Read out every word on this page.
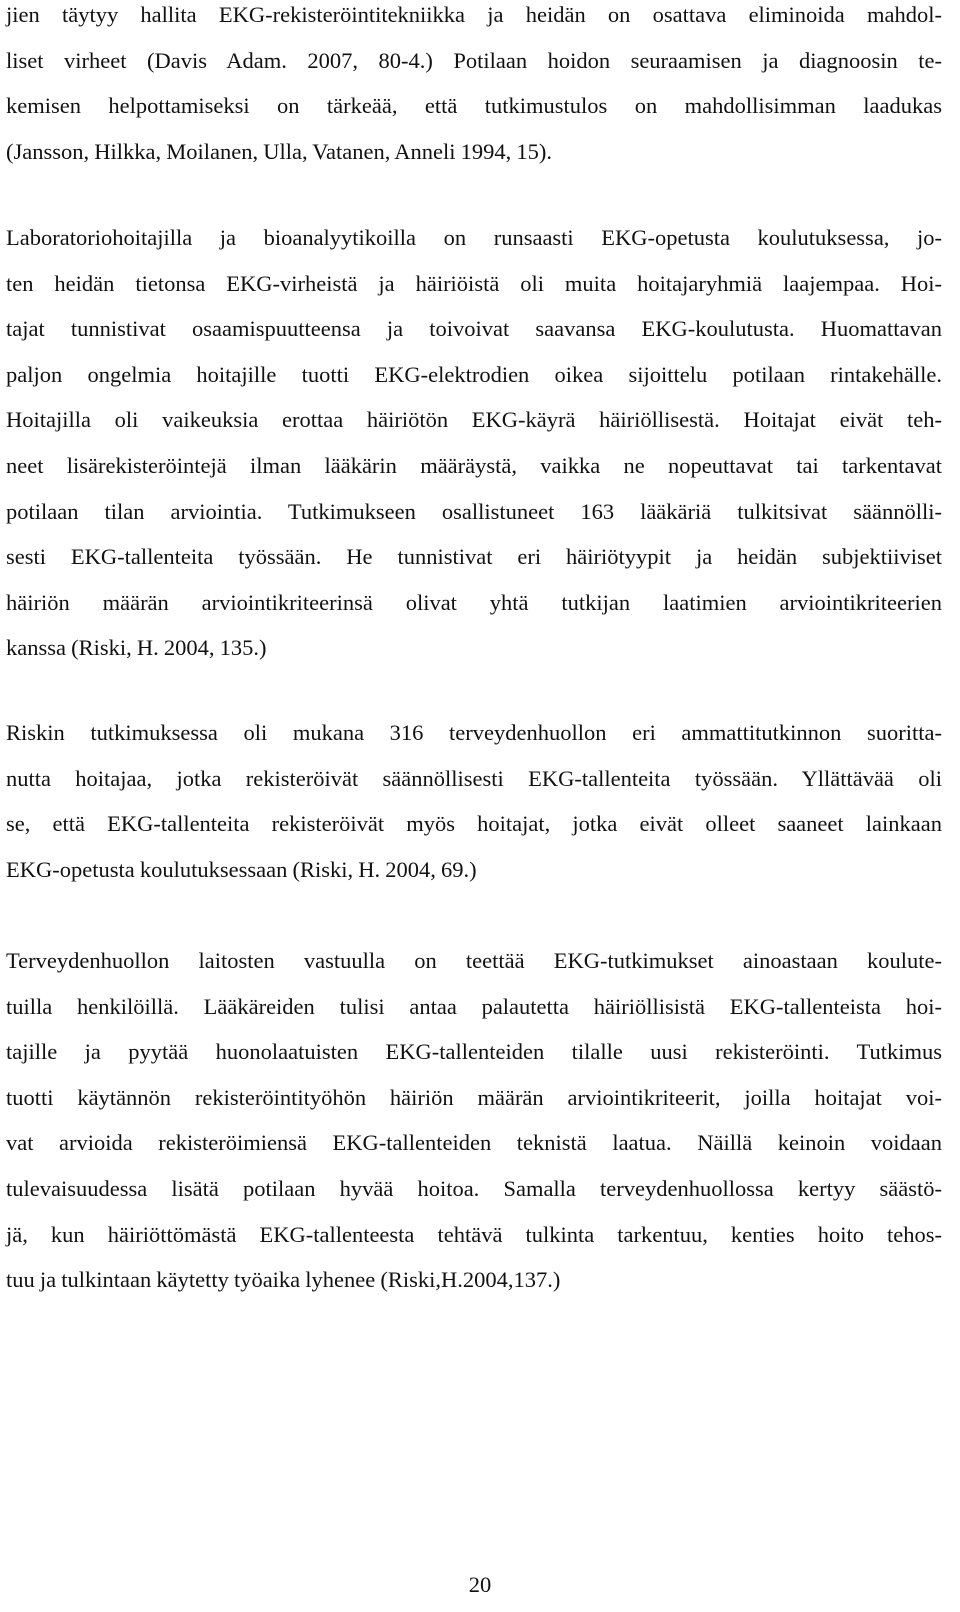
jien täytyy hallita EKG-rekisteröintitekniikka ja heidän on osattava eliminoida mahdol-
liset virheet (Davis Adam. 2007, 80-4.) Potilaan hoidon seuraamisen ja diagnoosin te-
kemisen helpottamiseksi on tärkeää, että tutkimustulos on mahdollisimman laadukas
(Jansson, Hilkka, Moilanen, Ulla, Vatanen, Anneli 1994, 15).
Laboratoriohoitajilla ja bioanalyytikoilla on runsaasti EKG-opetusta koulutuksessa, jo-
ten heidän tietonsa EKG-virheistä ja häiriöistä oli muita hoitajaryhmiä laajempaa. Hoi-
tajat tunnistivat osaamispuutteensa ja toivoivat saavansa EKG-koulutusta. Huomattavan
paljon ongelmia hoitajille tuotti EKG-elektrodien oikea sijoittelu potilaan rintakehälle.
Hoitajilla oli vaikeuksia erottaa häiriötön EKG-käyrä häiriöllisestä. Hoitajat eivät teh-
neet lisärekisteröintejä ilman lääkärin määräystä, vaikka ne nopeuttavat tai tarkentavat
potilaan tilan arviointia. Tutkimukseen osallistuneet 163 lääkäriä tulkitsivat säännölli-
sesti EKG-tallenteita työssään. He tunnistivat eri häiriötyypit ja heidän subjektiiviset
häiriön määrän arviointikriteerinsä olivat yhtä tutkijan laatimien arviointikriteerien
kanssa (Riski, H. 2004, 135.)
Riskin tutkimuksessa oli mukana 316 terveydenhuollon eri ammattitutkinnon suoritta-
nutta hoitajaa, jotka rekisteröivät säännöllisesti EKG-tallenteita työssään. Yllättävää oli
se, että EKG-tallenteita rekisteröivät myös hoitajat, jotka eivät olleet saaneet lainkaan
EKG-opetusta koulutuksessaan (Riski, H. 2004, 69.)
Terveydenhuollon laitosten vastuulla on teettää EKG-tutkimukset ainoastaan koulute-
tuilla henkilöillä. Lääkäreiden tulisi antaa palautetta häiriöllisistä EKG-tallenteista hoi-
tajille ja pyytää huonolaatuisten EKG-tallenteiden tilalle uusi rekisteröinti. Tutkimus
tuotti käytännön rekisteröintityöhön häiriön määrän arviointikriteerit, joilla hoitajat voi-
vat arvioida rekisteröimiensä EKG-tallenteiden teknistä laatua. Näillä keinoin voidaan
tulevaisuudessa lisätä potilaan hyvää hoitoa. Samalla terveydenhuollossa kertyy säästö-
jä, kun häiriöttömästä EKG-tallenteesta tehtävä tulkinta tarkentuu, kenties hoito tehos-
tuu ja tulkintaan käytetty työaika lyhenee (Riski,H.2004,137.)
20
